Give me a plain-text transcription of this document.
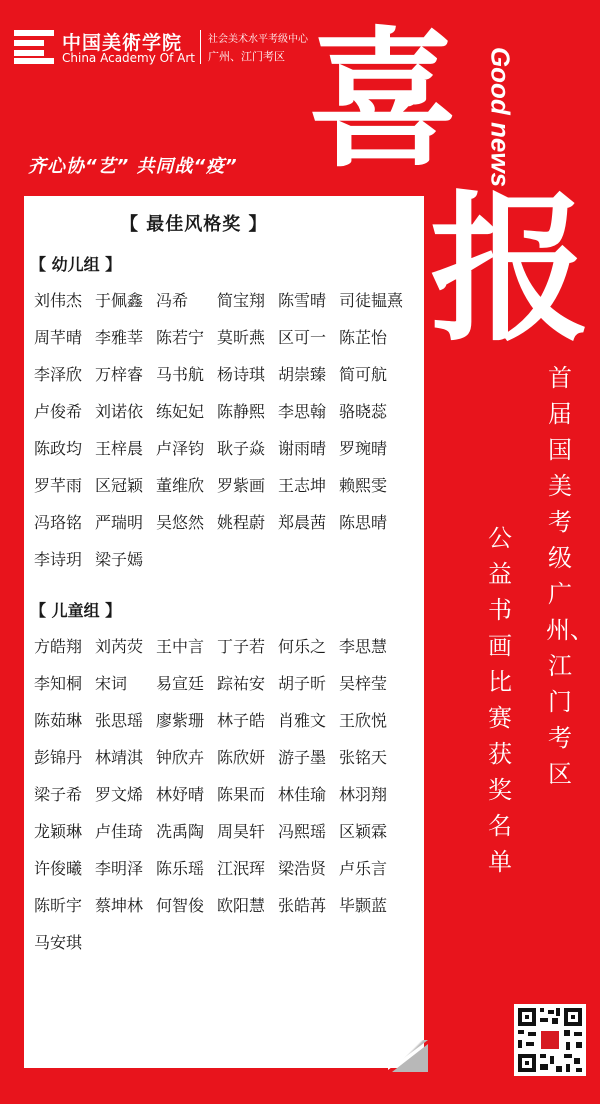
中国美術学院
China Academy Of Art
社会美术水平考级中心
广州、江门考区
齐心协“艺” 共同战“疫” 喜 Good news
报
【 最佳风格奖 】
【 幼儿组 】
刘伟杰 于佩鑫 冯希	简宝翔 陈雪晴 司徒韫熹
周芊晴 李雅莘 陈若宁 莫昕燕 区可一 陈芷怡
李泽欣 万梓睿 马书航 杨诗琪 胡崇臻 简可航
卢俊希 刘诺依 练妃妃 陈静熙 李思翰 骆晓蕊
陈政均 王梓晨 卢泽钧 耿子焱 谢雨晴 罗琬晴
罗芊雨 区冠颖 董维欣 罗紫画 王志坤 赖熙雯
冯珞铭 严瑞明 吴悠然 姚程蔚 郑晨茜 陈思晴
李诗玥 梁子嫣
【 儿童组 】
方皓翔 刘芮荧 王中言 丁子若 何乐之 李思慧
李知桐 宋词	易宣廷 踪祐安 胡子昕 吴梓莹
陈茹琳 张思瑶 廖紫珊 林子皓 肖雅文 王欣悦
彭锦丹 林靖淇 钟欣卉 陈欣妍 游子墨 张铭天
梁子希 罗文烯 林妤晴 陈果而 林佳瑜 林羽翔
龙颖琳 卢佳琦 冼禹陶 周昊轩 冯熙瑶 区颖霖
许俊曦 李明泽 陈乐瑶 江泯珲 梁浩贤 卢乐言
陈昕宇 蔡坤林 何智俊 欧阳慧 张皓苒 毕颢蓝
马安琪
首届国美考级广州、江门考区
公益书画比赛获奖名单
